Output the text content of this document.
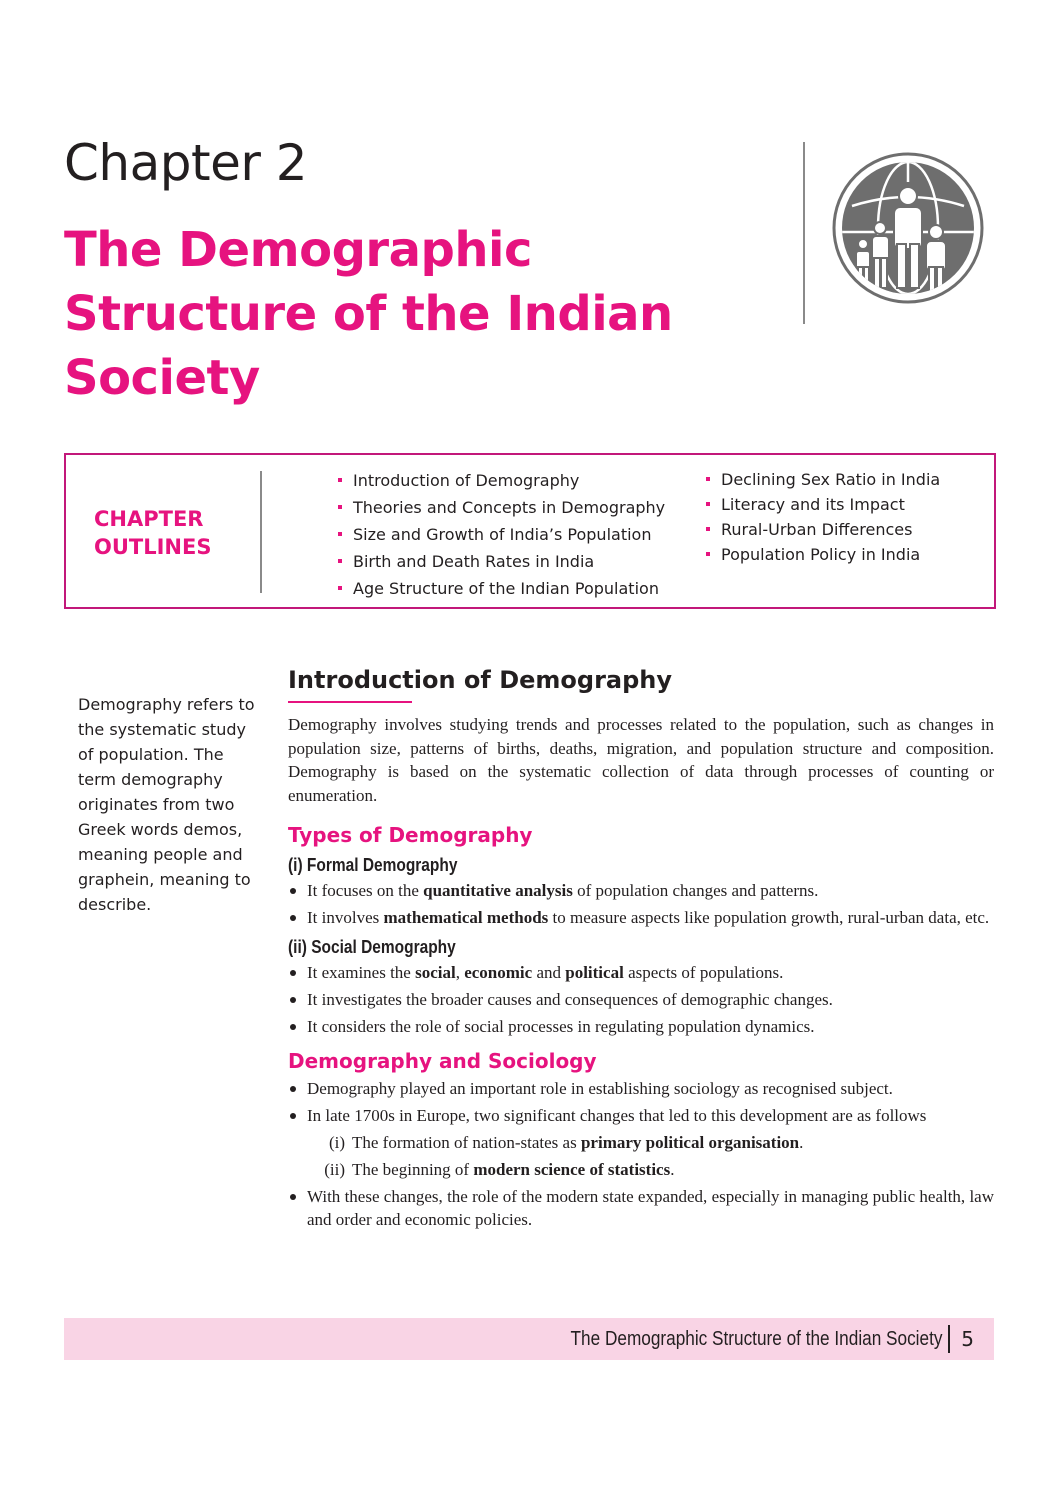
Chapter 2
The Demographic Structure of the Indian Society
CHAPTER
OUTLINES
Introduction of Demography
Theories and Concepts in Demography
Size and Growth of India’s Population
Birth and Death Rates in India
Age Structure of the Indian Population
Declining Sex Ratio in India
Literacy and its Impact
Rural-Urban Differences
Population Policy in India

Demography refers to the systematic study of population. The term demography originates from two Greek words demos, meaning people and graphein, meaning to describe.

Introduction of Demography

Demography involves studying trends and processes related to the population, such as changes in population size, patterns of births, deaths, migration, and population structure and composition. Demography is based on the systematic collection of data through processes of counting or enumeration.

Types of Demography
(i) Formal Demography
It focuses on the quantitative analysis of population changes and patterns.
It involves mathematical methods to measure aspects like population growth, rural-urban data, etc.
(ii) Social Demography
It examines the social, economic and political aspects of populations.
It investigates the broader causes and consequences of demographic changes.
It considers the role of social processes in regulating population dynamics.
Demography and Sociology
Demography played an important role in establishing sociology as recognised subject.
In late 1700s in Europe, two significant changes that led to this development are as follows
(i) The formation of nation-states as primary political organisation.
(ii) The beginning of modern science of statistics.
With these changes, the role of the modern state expanded, especially in managing public health, law and order and economic policies.
The Demographic Structure of the Indian Society 5
